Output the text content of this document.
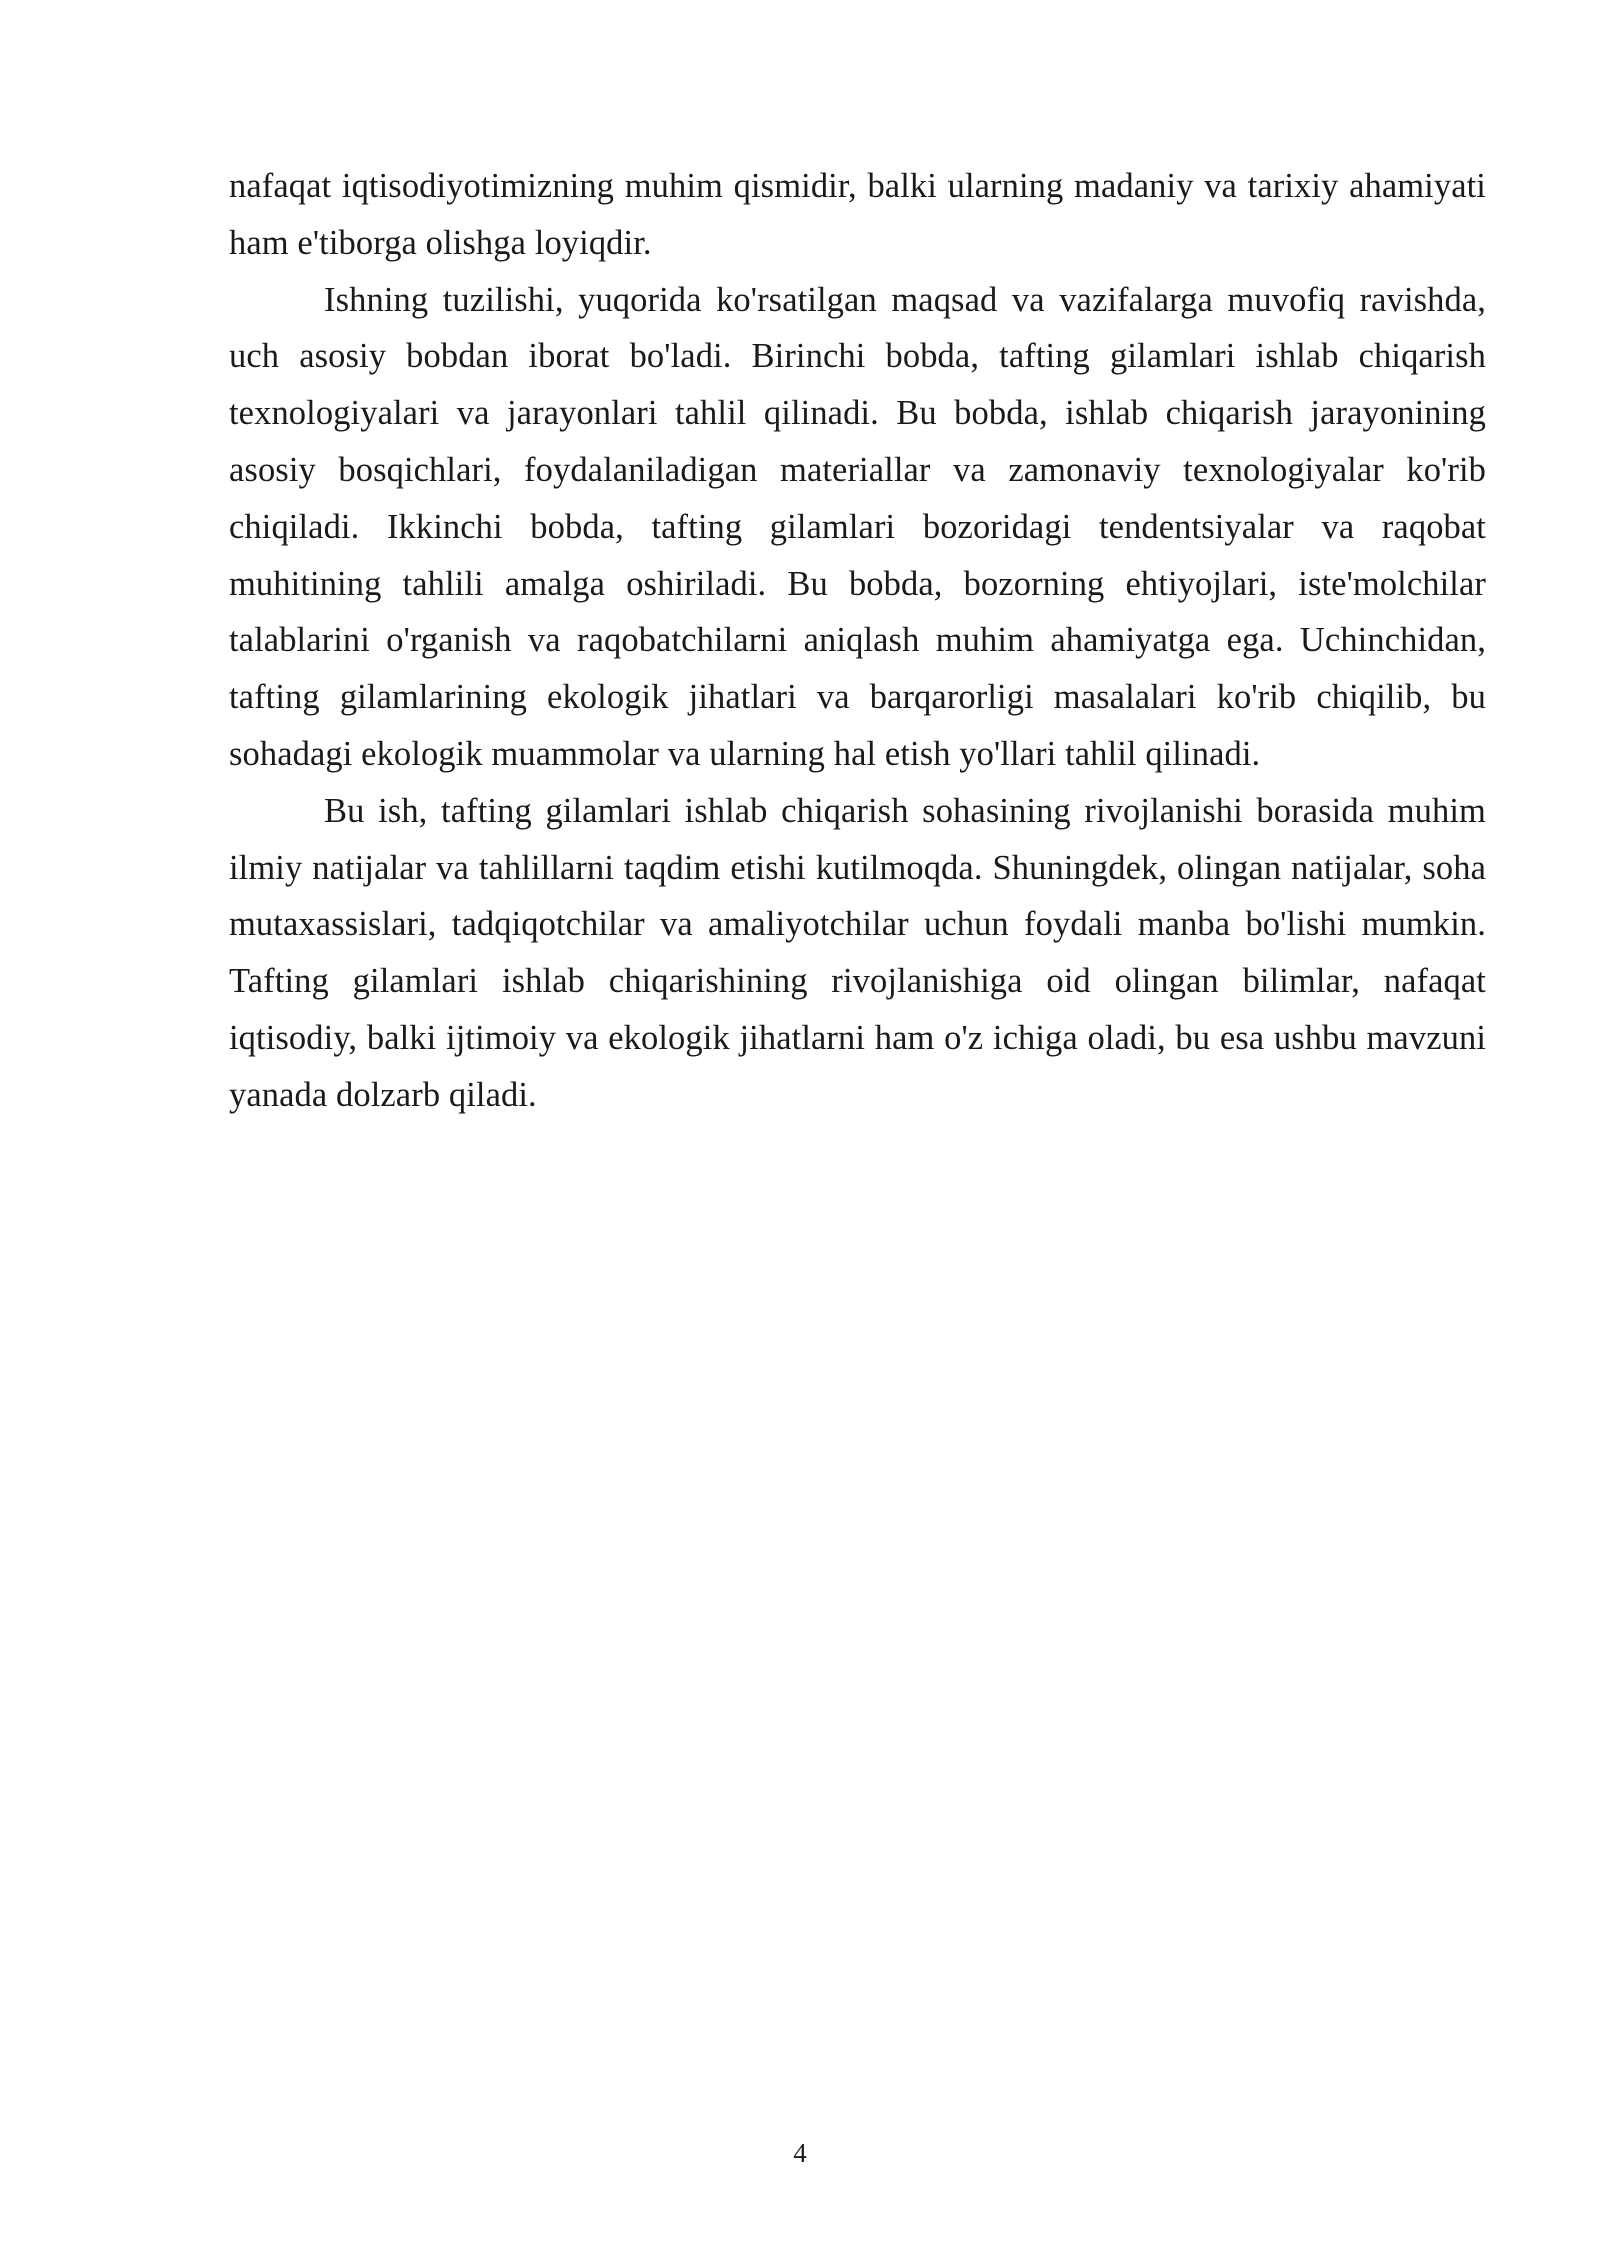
nafaqat iqtisodiyotimizning muhim qismidir, balki ularning madaniy va tarixiy ahamiyati ham e'tiborga olishga loyiqdir.

Ishning tuzilishi, yuqorida ko'rsatilgan maqsad va vazifalarga muvofiq ravishda, uch asosiy bobdan iborat bo'ladi. Birinchi bobda, tafting gilamlari ishlab chiqarish texnologiyalari va jarayonlari tahlil qilinadi. Bu bobda, ishlab chiqarish jarayonining asosiy bosqichlari, foydalaniladigan materiallar va zamonaviy texnologiyalar ko'rib chiqiladi. Ikkinchi bobda, tafting gilamlari bozoridagi tendentsiyalar va raqobat muhitining tahlili amalga oshiriladi. Bu bobda, bozorning ehtiyojlari, iste'molchilar talablarini o'rganish va raqobatchilarni aniqlash muhim ahamiyatga ega. Uchinchidan, tafting gilamlarining ekologik jihatlari va barqarorligi masalalari ko'rib chiqilib, bu sohadagi ekologik muammolar va ularning hal etish yo'llari tahlil qilinadi.

Bu ish, tafting gilamlari ishlab chiqarish sohasining rivojlanishi borasida muhim ilmiy natijalar va tahlillarni taqdim etishi kutilmoqda. Shuningdek, olingan natijalar, soha mutaxassislari, tadqiqotchilar va amaliyotchilar uchun foydali manba bo'lishi mumkin. Tafting gilamlari ishlab chiqarishining rivojlanishiga oid olingan bilimlar, nafaqat iqtisodiy, balki ijtimoiy va ekologik jihatlarni ham o'z ichiga oladi, bu esa ushbu mavzuni yanada dolzarb qiladi.

4
